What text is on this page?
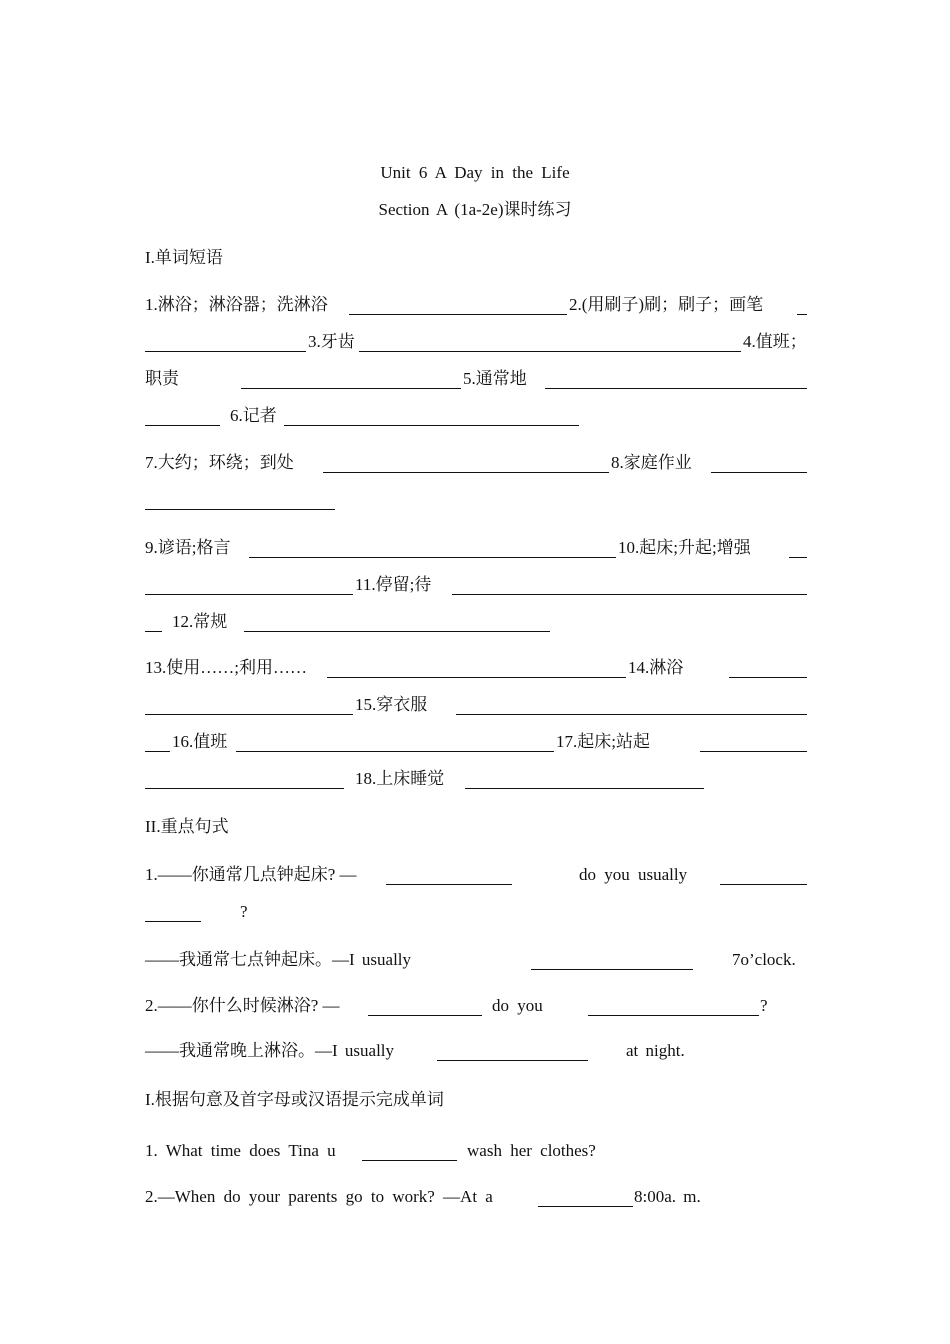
Unit 6 A Day in the Life
Section A (1a-2e)课时练习
I.单词短语
1.淋浴；淋浴器；洗淋浴	2.(用刷子)刷；刷子；画笔
3.牙齿	4.值班；
职责	5.通常地
6.记者
7.大约；环绕；到处	8.家庭作业
9.谚语;格言	10.起床;升起;增强
11.停留;待
12.常规
13.使用……;利用……	14.淋浴
15.穿衣服
16.值班	17.起床;站起
18.上床睡觉
II.重点句式
1.——你通常几点钟起床? —	do you usually
?
——我通常七点钟起床。—I usually	7o’clock.
2.——你什么时候淋浴? —	do you	?
——我通常晚上淋浴。—I usually	at night.
I.根据句意及首字母或汉语提示完成单词
1. What time does Tina u	wash her clothes?
2.—When do your parents go to work? —At a	8:00a. m.
